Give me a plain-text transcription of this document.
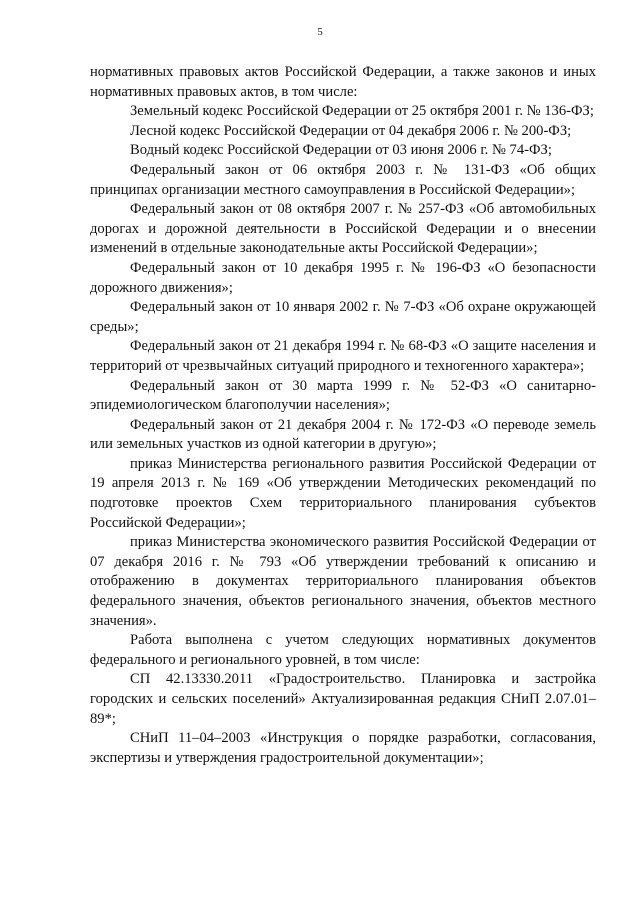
5

нормативных правовых актов Российской Федерации, а также законов и иных нормативных правовых актов, в том числе:

Земельный кодекс Российской Федерации от 25 октября 2001 г. № 136-ФЗ;

Лесной кодекс Российской Федерации от 04 декабря 2006 г. № 200-ФЗ;

Водный кодекс Российской Федерации от 03 июня 2006 г. № 74-ФЗ;

Федеральный закон от 06 октября 2003 г. № 131-ФЗ «Об общих принципах организации местного самоуправления в Российской Федерации»;

Федеральный закон от 08 октября 2007 г. № 257-ФЗ «Об автомобильных дорогах и дорожной деятельности в Российской Федерации и о внесении изменений в отдельные законодательные акты Российской Федерации»;

Федеральный закон от 10 декабря 1995 г. № 196-ФЗ «О безопасности дорожного движения»;

Федеральный закон от 10 января 2002 г. № 7-ФЗ «Об охране окружающей среды»;

Федеральный закон от 21 декабря 1994 г. № 68-ФЗ «О защите населения и территорий от чрезвычайных ситуаций природного и техногенного характера»;

Федеральный закон от 30 марта 1999 г. № 52-ФЗ «О санитарно-эпидемиологическом благополучии населения»;

Федеральный закон от 21 декабря 2004 г. № 172-ФЗ «О переводе земель или земельных участков из одной категории в другую»;

приказ Министерства регионального развития Российской Федерации от 19 апреля 2013 г. № 169 «Об утверждении Методических рекомендаций по подготовке проектов Схем территориального планирования субъектов Российской Федерации»;

приказ Министерства экономического развития Российской Федерации от 07 декабря 2016 г. № 793 «Об утверждении требований к описанию и отображению в документах территориального планирования объектов федерального значения, объектов регионального значения, объектов местного значения».

Работа выполнена с учетом следующих нормативных документов федерального и регионального уровней, в том числе:

СП 42.13330.2011 «Градостроительство. Планировка и застройка городских и сельских поселений» Актуализированная редакция СНиП 2.07.01–89*;

СНиП 11–04–2003 «Инструкция о порядке разработки, согласования, экспертизы и утверждения градостроительной документации»;
